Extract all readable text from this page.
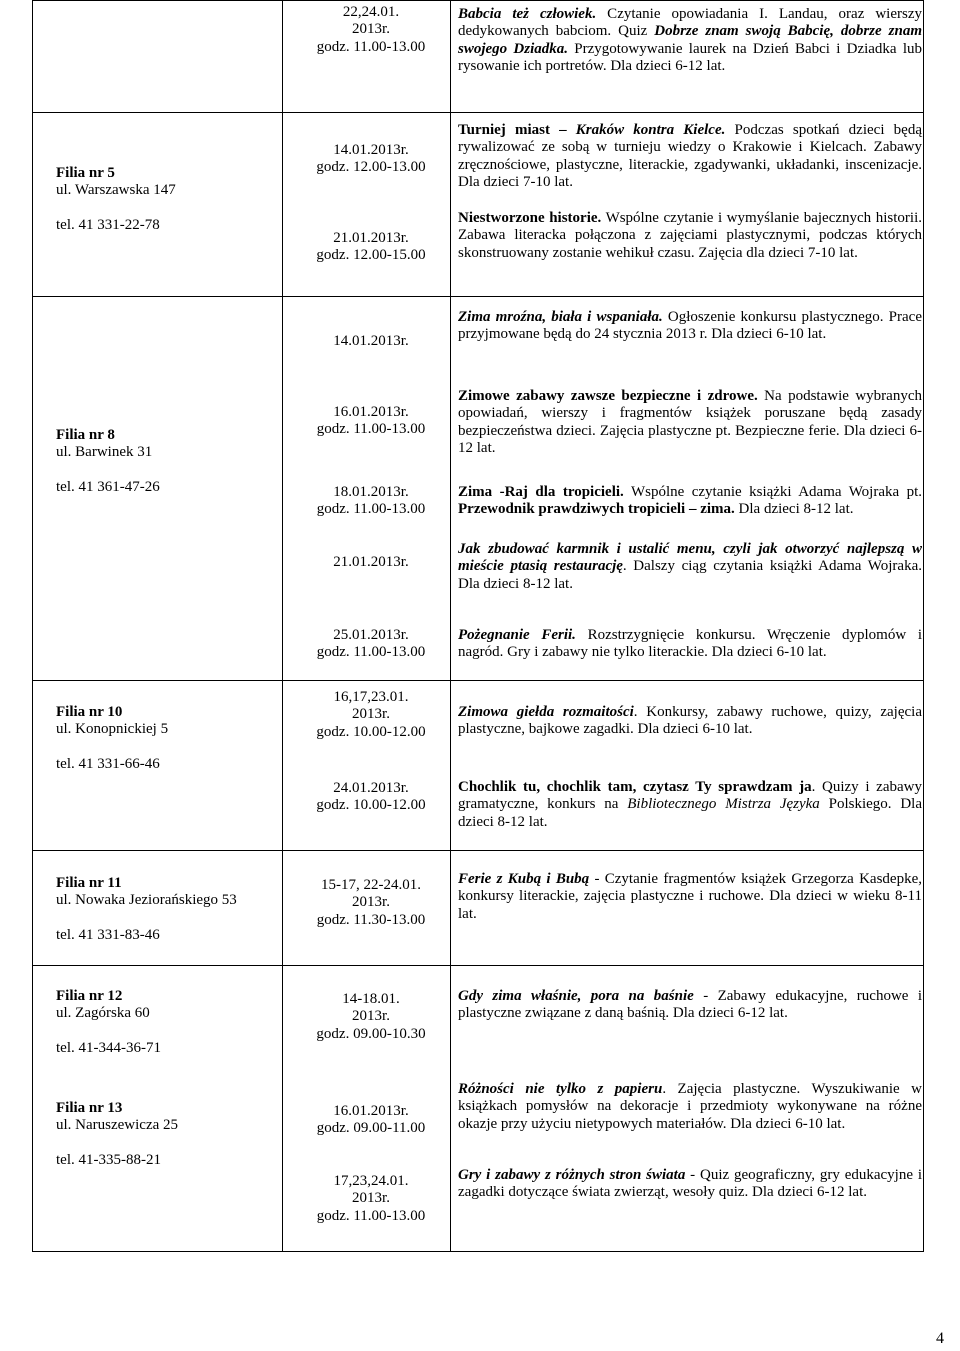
22,24.01.
2013r.
godz. 11.00-13.00
Babcia też człowiek. Czytanie opowiadania I. Landau, oraz wierszy dedykowanych babciom. Quiz Dobrze znam swoją Babcię, dobrze znam swojego Dziadka. Przygotowywanie laurek na Dzień Babci i Dziadka lub rysowanie ich portretów. Dla dzieci 6-12 lat.
Filia nr 5
ul. Warszawska 147
tel. 41 331-22-78
14.01.2013r.
godz. 12.00-13.00
21.01.2013r.
godz. 12.00-15.00
Turniej miast – Kraków kontra Kielce. Podczas spotkań dzieci będą rywalizować ze sobą w turnieju wiedzy o Krakowie i Kielcach. Zabawy zręcznościowe, plastyczne, literackie, zgadywanki, układanki, inscenizacje. Dla dzieci 7-10 lat.
Niestworzone historie. Wspólne czytanie i wymyślanie bajecznych historii. Zabawa literacka połączona z zajęciami plastycznymi, podczas których skonstruowany zostanie wehikuł czasu. Zajęcia dla dzieci 7-10 lat.
Filia nr 8
ul. Barwinek 31
tel. 41 361-47-26
14.01.2013r.
16.01.2013r.
godz. 11.00-13.00
18.01.2013r.
godz. 11.00-13.00
21.01.2013r.
25.01.2013r.
godz. 11.00-13.00
Zima mroźna, biała i wspaniała. Ogłoszenie konkursu plastycznego. Prace przyjmowane będą do 24 stycznia 2013 r. Dla dzieci 6-10 lat.
Zimowe zabawy zawsze bezpieczne i zdrowe. Na podstawie wybranych opowiadań, wierszy i fragmentów książek poruszane będą zasady bezpieczeństwa dzieci. Zajęcia plastyczne pt. Bezpieczne ferie. Dla dzieci 6-12 lat.
Zima -Raj dla tropicieli. Wspólne czytanie książki Adama Wojraka pt. Przewodnik prawdziwych tropicieli – zima. Dla dzieci 8-12 lat.
Jak zbudować karmnik i ustalić menu, czyli jak otworzyć najlepszą w mieście ptasią restaurację. Dalszy ciąg czytania książki Adama Wojraka. Dla dzieci 8-12 lat.
Pożegnanie Ferii. Rozstrzygnięcie konkursu. Wręczenie dyplomów i nagród. Gry i zabawy nie tylko literackie. Dla dzieci 6-10 lat.
Filia nr 10
ul. Konopnickiej 5
tel. 41 331-66-46
16,17,23.01.
2013r.
godz. 10.00-12.00
24.01.2013r.
godz. 10.00-12.00
Zimowa giełda rozmaitości. Konkursy, zabawy ruchowe, quizy, zajęcia plastyczne, bajkowe zagadki. Dla dzieci 6-10 lat.
Chochlik tu, chochlik tam, czytasz Ty sprawdzam ja. Quizy i zabawy gramatyczne, konkurs na Bibliotecznego Mistrza Języka Polskiego. Dla dzieci 8-12 lat.
Filia nr 11
ul. Nowaka Jeziorańskiego 53
tel. 41 331-83-46
15-17, 22-24.01.
2013r.
godz. 11.30-13.00
Ferie z Kubą i Bubą - Czytanie fragmentów książek Grzegorza Kasdepke, konkursy literackie, zajęcia plastyczne i ruchowe. Dla dzieci w wieku 8-11 lat.
Filia nr 12
ul. Zagórska 60
tel. 41-344-36-71
Filia nr 13
ul. Naruszewicza 25
tel. 41-335-88-21
14-18.01.
2013r.
godz. 09.00-10.30
16.01.2013r.
godz. 09.00-11.00
17,23,24.01.
2013r.
godz. 11.00-13.00
Gdy zima właśnie, pora na baśnie - Zabawy edukacyjne, ruchowe i plastyczne związane z daną baśnią. Dla dzieci 6-12 lat.
Różności nie tylko z papieru. Zajęcia plastyczne. Wyszukiwanie w książkach pomysłów na dekoracje i przedmioty wykonywane na różne okazje przy użyciu nietypowych materiałów. Dla dzieci 6-10 lat.
Gry i zabawy z różnych stron świata - Quiz geograficzny, gry edukacyjne i zagadki dotyczące świata zwierząt, wesoły quiz. Dla dzieci 6-12 lat.
4
